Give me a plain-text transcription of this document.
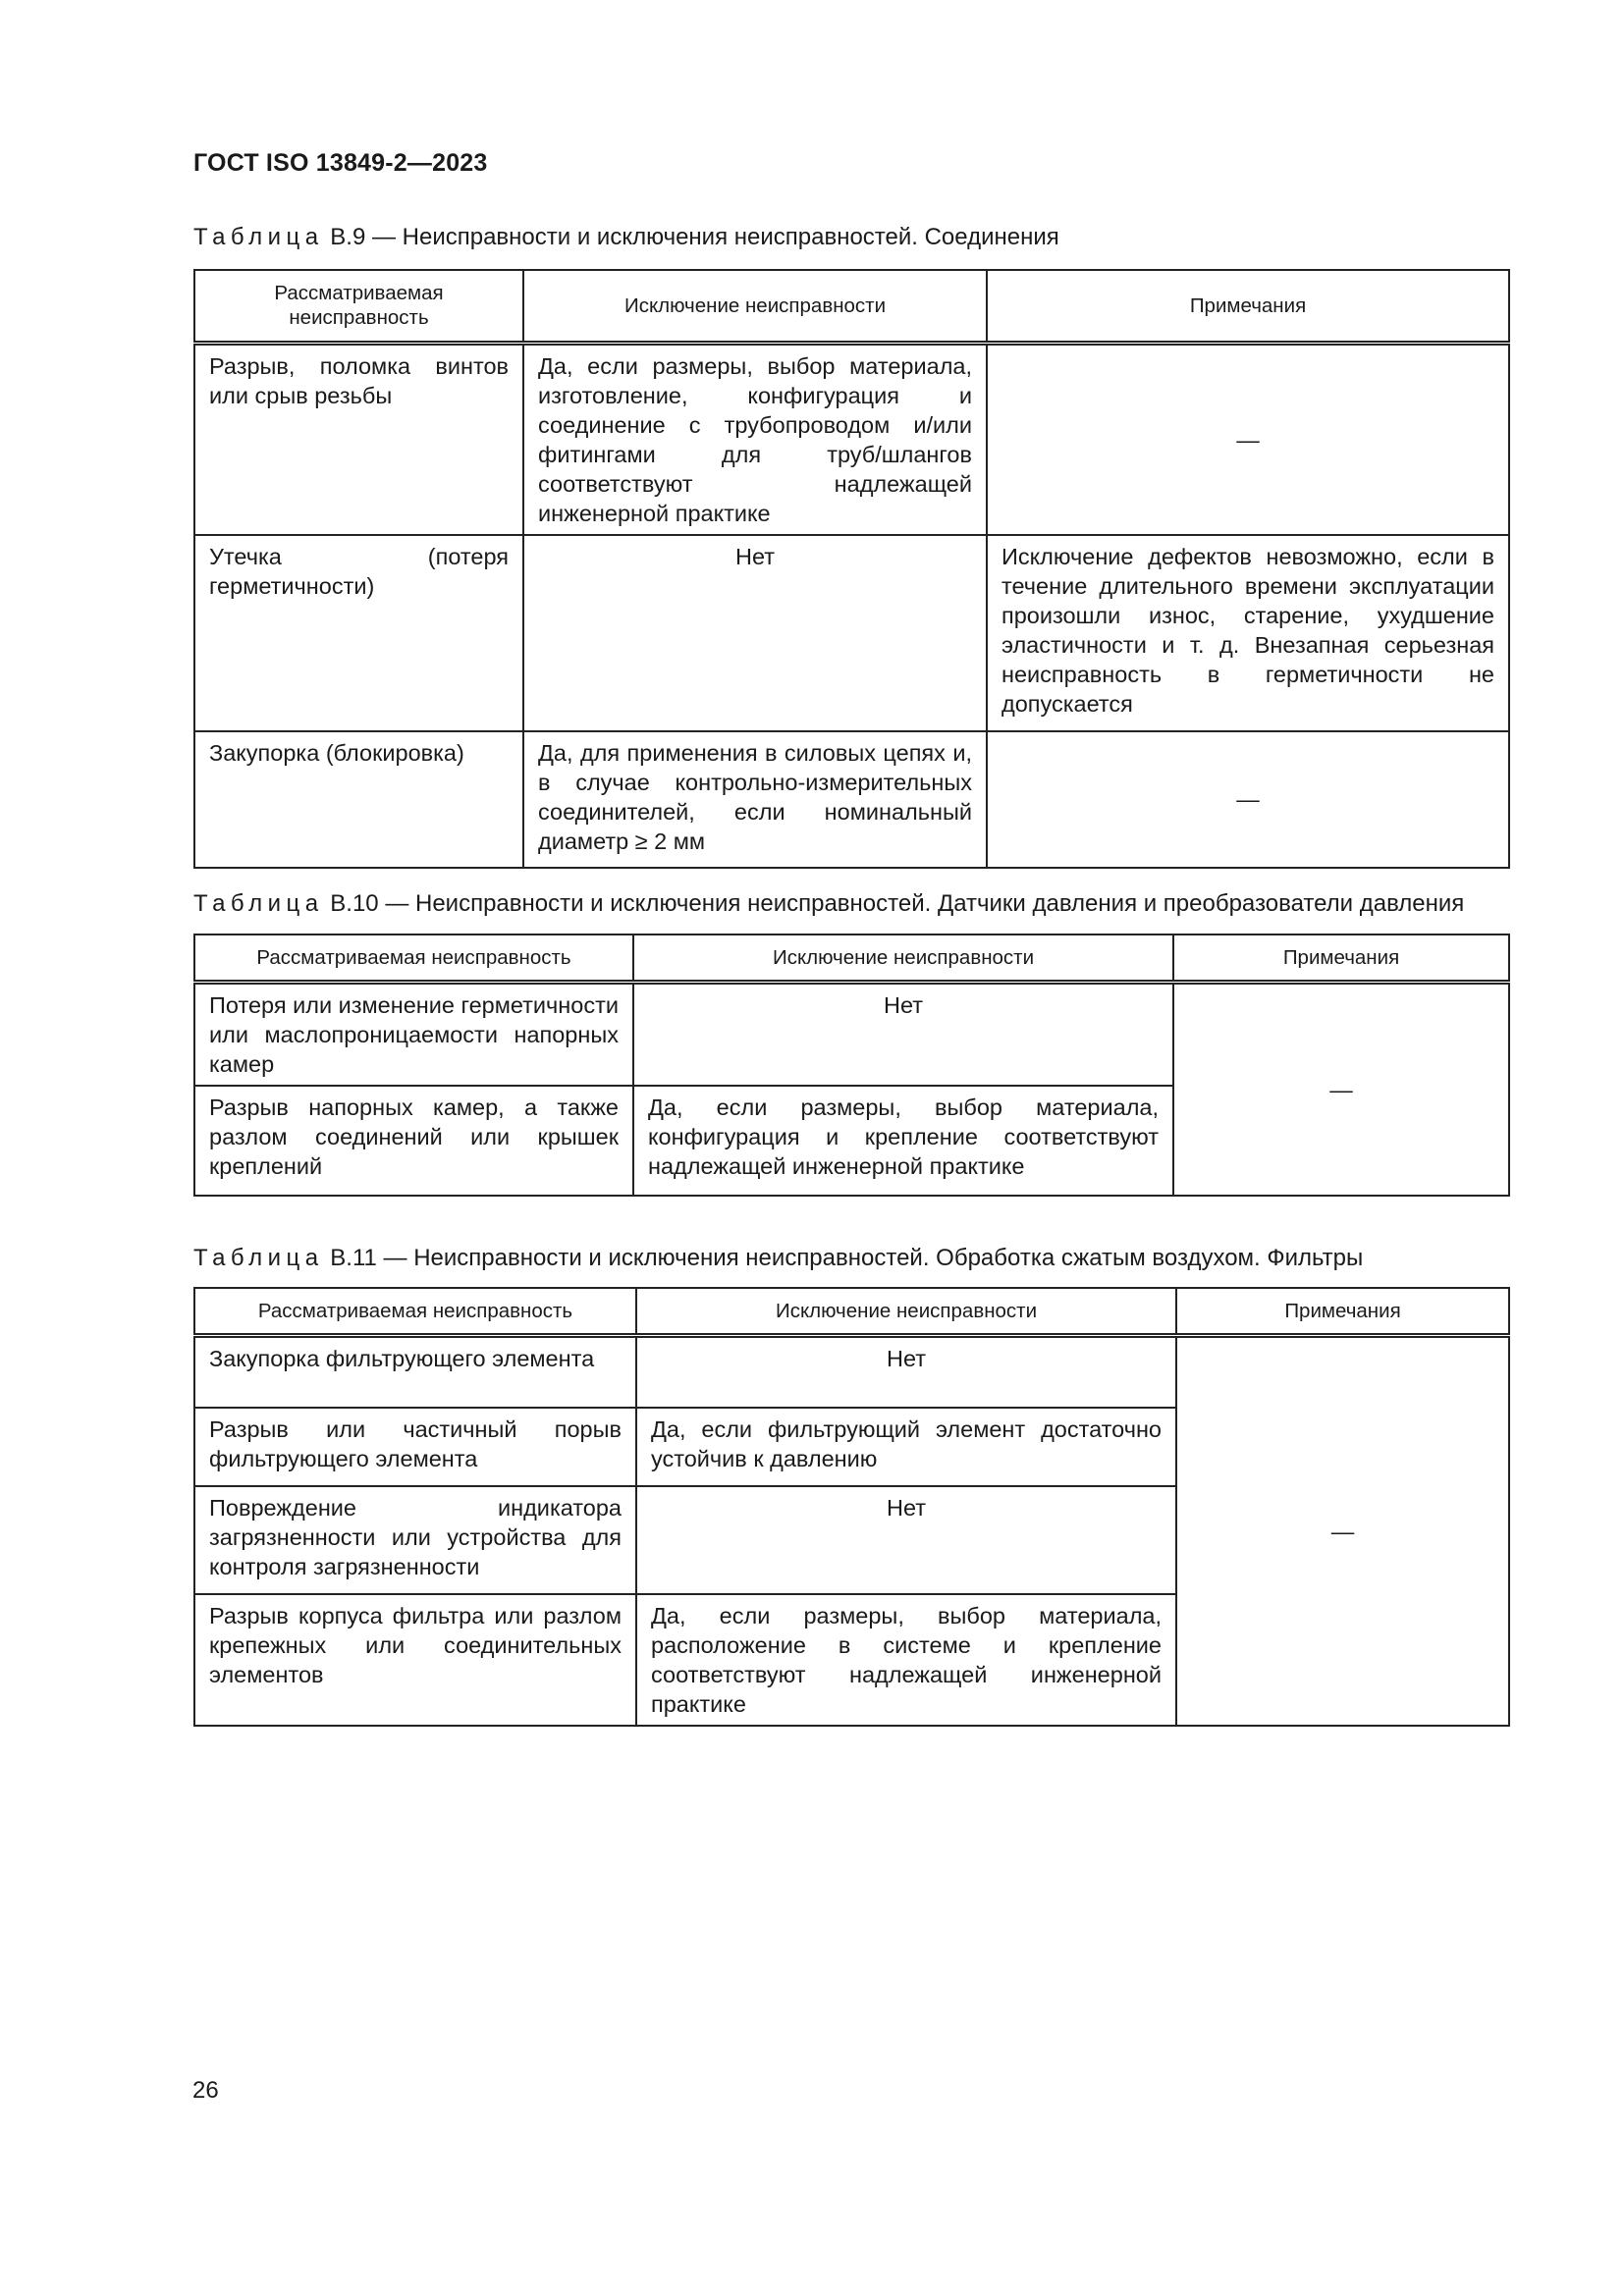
ГОСТ ISO 13849-2—2023
Таблица В.9 — Неисправности и исключения неисправностей. Соединения
Рассматриваемая неисправность	Исключение неисправности	Примечания
Разрыв, поломка винтов или срыв резьбы	Да, если размеры, выбор материала, изготовление, конфигурация и соединение с трубопроводом и/или фитингами для труб/шлангов соответствуют надлежащей инженерной практике	—
Утечка (потеря герметичности)	Нет	Исключение дефектов невозможно, если в течение длительного времени эксплуатации произошли износ, старение, ухудшение эластичности и т. д. Внезапная серьезная неисправность в герметичности не допускается
Закупорка (блокировка)	Да, для применения в силовых цепях и, в случае контрольно-измерительных соединителей, если номинальный диаметр ≥ 2 мм	—
Таблица В.10 — Неисправности и исключения неисправностей. Датчики давления и преобразователи давления
Рассматриваемая неисправность	Исключение неисправности	Примечания
Потеря или изменение герметичности или маслопроницаемости напорных камер	Нет	—
Разрыв напорных камер, а также разлом соединений или крышек креплений	Да, если размеры, выбор материала, конфигурация и крепление соответствуют надлежащей инженерной практике	
Таблица В.11 — Неисправности и исключения неисправностей. Обработка сжатым воздухом. Фильтры
Рассматриваемая неисправность	Исключение неисправности	Примечания
Закупорка фильтрующего элемента	Нет	—
Разрыв или частичный порыв фильтрующего элемента	Да, если фильтрующий элемент достаточно устойчив к давлению	
Повреждение индикатора загрязненности или устройства для контроля загрязненности	Нет	
Разрыв корпуса фильтра или разлом крепежных или соединительных элементов	Да, если размеры, выбор материала, расположение в системе и крепление соответствуют надлежащей инженерной практике	
26
